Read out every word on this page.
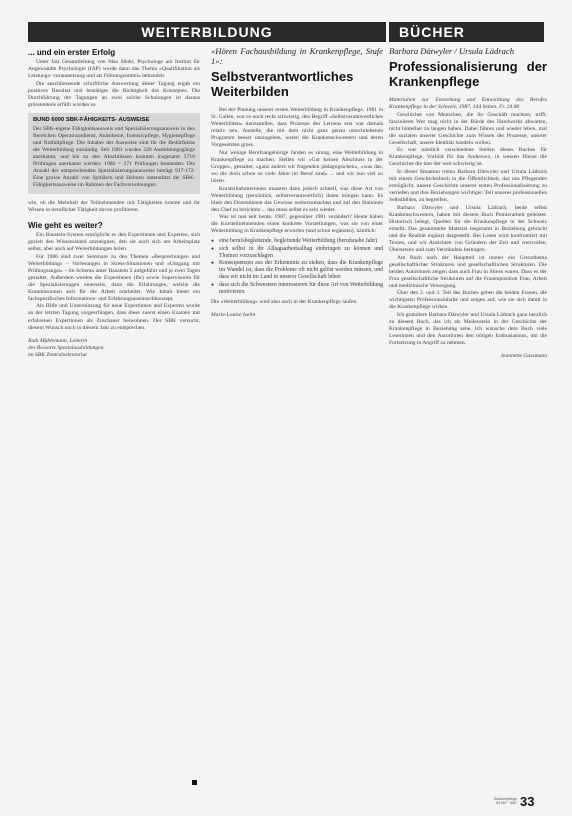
WEITERBILDUNG	BÜCHER
... und ein erster Erfolg

Unter fast Gesamtleitung von Max Mohr, Psychologe am Institut für Angewandte Psychologie (IAP) wurde dann das Thema «Qualifikation als Leistungs- voraussetzung und als Führungsmittel» behandelt.

Die anschliessende schriftliche Auswertung dieser Tagung ergab ein positives Resultat und bestätigte die Richtigkeit des Konzeptes. Die Durchführung der Tagungen an zwei solche Schulungen ist daraus grösstenteils erfüllt worden so

BUND 6000 SBK-FÄHIGKEITS- AUSWEISE

Der SBK-eigene Fähigkeitsausweis und Spezialisierungsausweis in den Bereichen Operationsdienst, Anästhesie, Intensivpflege, Hygienepflege und Notfallpflege. Die Inhaber der Ausweise sind für die Bedürfnisse der Weiterbildung zuständig. Seit 1981 wurden 326 Ausbildungsgänge anerkannt, und bis zu den Abschlüssen konnten insgesamt 5716 Prüfungen anerkannt werden: 1986 = 271 Prüfungen bestanden. Die Anzahl der entsprechenden Spezialisierungsausweise beträgt 917-172. Eine grosse Anzahl von Spitälern und Heimen unterstützt die SBK-Fähigkeitsausweise im Rahmen der Fachverordnungen.

wie, ob die Mehrheit der Teilnehmenden mit Tätigkeiten konnte und ihr Wissen in beruflicher Tätigkeit davon profitieren.

Wie geht es weiter?

Ein Baustein-System ermöglicht es den Expertinnen und Experten, sich gezielt den Wissensstand anzueignen, den sie auch sich am Arbeitsplatz selbst, aber auch auf Weiterbildungen holen.

Für 1986 sind zwei Seminare zu den Themen «Besprechungen und Weiterbildung» – Vorlesungen in Stress-Situationen und «Umgang mit Prüfungsangst» – im Schema unter Baustein 2 aufgeführt und je zwei Tagen gestaltet. Außerdem werden die Expertinnen (Ihr) sowie Supervisoren für die Spezialisierungen einerseits, dann die Erfahrungen, welche die Kommissionen sich für die Arbeit erarbeitet. Wie Inhalt bietet ein fachspezifisches Informations- und Erfahrungsaustauschkonzept.

Als Hilfe und Unterstützung für neue Expertinnen und Experten wurde an der letzten Tagung vorgeschlagen, dass diese zuerst einen Examen mit erfahrenen Expertinnen als Zuschauer beiwohnen. Der SBK versucht, diesem Wunsch noch in diesem Jahr zu entsprechen.

Ruth Mühlemann, Leiterin
des Ressorts Spezialausbildungen
im SBK Zentralsekretariat

«Hören Fachausbildung in Krankenpflege, Stufe 1»:
Selbstverantwortliches Weiterbilden

Bei der Planung unserer ersten Weiterbildung in Krankenpflege, 1981 in St. Gallen, war es noch recht schwierig, den Begriff «Selbstverantwortliches Weiterbilden» darzustellen, dass Prozesse des Lernens erst war damals relativ neu. Anstelle, die mit dem nicht ganz genau umschriebenen Programm besser umzugehen, waren die Krankenschwestern und deren Vorgesetzten gross.

Nur wenige Berufsangehörige fanden es sinnig, eine Weiterbildung in Krankenpflege zu machen. Stellen wir «Gar keinen Abschluss in der Gruppe», gestaltet, «ganz anders wir fragenden pädagogischen», «was das, wo die doch schon so viele Jahre im Beruf sind» ... und wir nun viel zu hören.

Kursteilnehmerinnen mussten dann jedoch schnell, was diese Art von Weiterbildung (persönlich, selbstverantwortlich) ihnen bringen kann. Es blieb den Dozentinnen das Gewisse weiterzumachen und auf den Stationen den Chef zu berichten ... das muss selbst es sein wieder.

Was ist nun seit heute, 1987, gegenüber 1981 verändert? Heute haben die Kursteilnehmenden einen konkrete Vorstellungen, was sie von einer Weiterbildung in Krankenpflege erwarten (und schon ergänzen), nämlich:

● eine berufsbegleitende, begleitende Weiterbildung (berufsnahe Jahr)
● sich selbst in ihr Alltagsarbeitsalltag einbringen zu können und Themen vorzuschlagen
● Konsequenzen aus der Erkenntnis zu ziehen, dass die Krankenpflege im Wandel ist, dass die Probleme oft nicht gelöst werden müssen, und dass wir nicht im Land in unserer Gesellschaft leben
● dass sich die Schwestern interessieren für diese Art von Weiterbildung motivieren.

Die «Weiterbildung» wird also auch in der Krankenpflege laufen.

Marie-Louise Iselin

Barbara Dätwyler / Ursula Lädrach
Professionalisierung der Krankenpflege

Materialien zur Entstehung und Entwicklung des Berufes Krankenpflege in der Schweiz, 1987, 144 Seiten, Fr. 24.80

Geschichte von Menschen, die ihr Geschäft machten, trifft, faszinieren Wer mag nicht in der Bürde des Handwerks abwarten, nicht hinterher zu langen haben. Dabei führen und wieder leben, mal die sozialen unserer Geschichte zum Wissen der Prozesse, unserer Gesellschaft, unsere Identität handeln wollen.

Es war nämlich verschiedene Stellen dieses Buches für Krankenpflege, Vorbild für das Anderswo, in wessen Dienst die Geschichte die hier der weit schwierig ist.

In dieser Situation treten Barbara Dätwyler und Ursula Lädrach mit einem Geschichtsbuch in die Öffentlichkeit, das uns Pflegenden ermöglicht, unsere Geschichte unserer ersten Professionalisierung zu vertiefen und ihre Beziehungen wichtiger. Teil unseres professionellen Selbstbildes, zu begreifen.

Barbara Dätwyler und Ursula Lädrach, beide selbst Krankenschwestern, haben mit diesem Buch Pionierarbeit geleistet. Historisch belegt, Quellen für die Krankenpflege in der Schweiz erstellt. Das gesammelte Material insgesamt in Beziehung gebracht und die Realität ergänzt dargestellt. Bei Lesen wird konfrontiert mit Texten, und wir Ansichten von Gründern der Zeit und wertvollen, Übersetzen und zum Verständnis beitragen.

Am Buch nach der Hauptteil ist immer ein Grenzthema gesellschaftlicher Strukturen und gesellschaftlichen Strukturen. Die beiden Autorinnen zeigen dass auch Frau in Stress waren. Dass es der Frau gesellschaftliche Strukturen auf die Frauenposition Frau, Arbeit und medizinische Versorgung.

Über den 2. und 3. Teil des Buches geben die beiden Frauen, die wichtigsten Professionsinhalte und zeigen auf, wie sie sich damit in die Krankenpflege wirken.

Ich gratuliere Barbara Dätwyler und Ursula Lädrach ganz herzlich zu diesem Buch, das ich als Meilenstein in der Geschichte der Krankenpflege in Beziehung sehe. Ich wünsche dem Buch viele Leserinnen und den Autorinnen den nötigen Enthusiasmus, um die Fortsetzung in Angriff zu nehmen.

Jeannette Gassmann

Krankenpflege 5/1987 · 5/87 33
